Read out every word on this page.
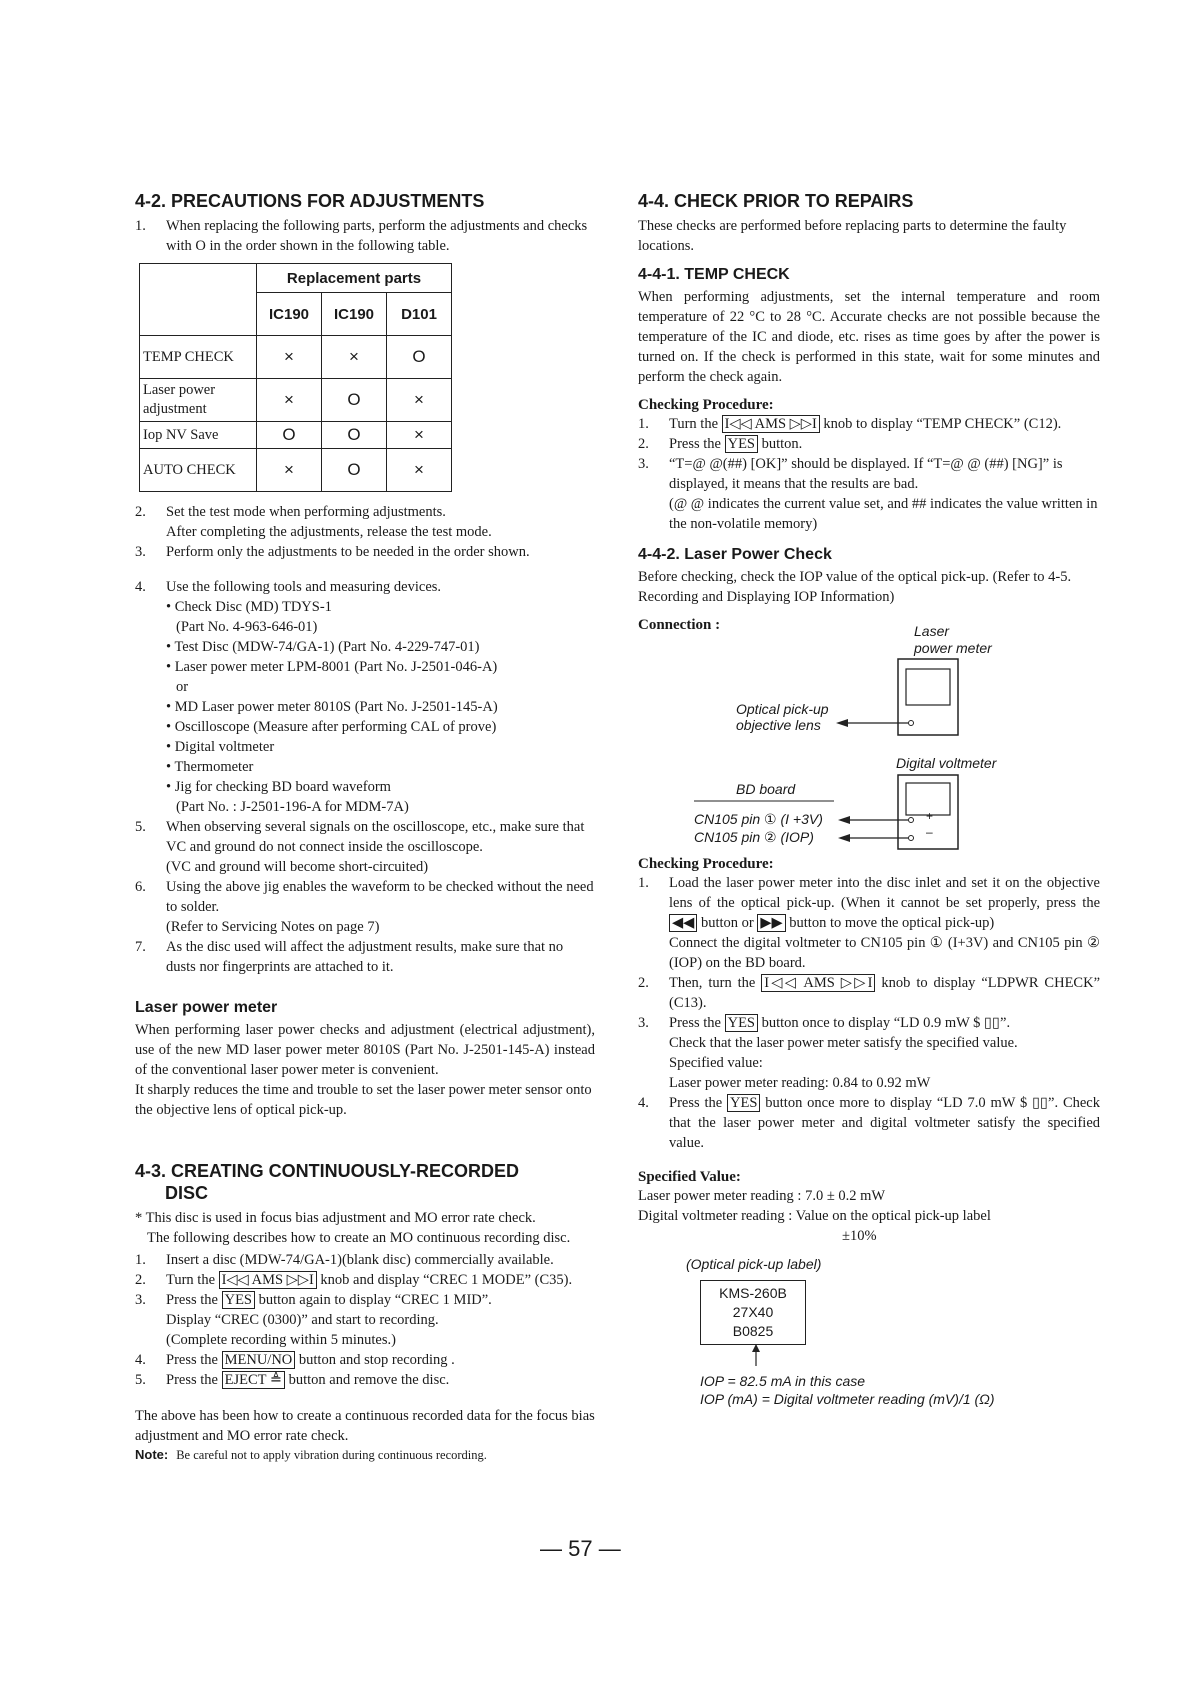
4-2. PRECAUTIONS FOR ADJUSTMENTS
1. When replacing the following parts, perform the adjustments and checks with O in the order shown in the following table.
	Replacement parts		
	IC190	IC190	D101
TEMP CHECK	×	×	O
Laser power adjustment	×	O	×
Iop NV Save	O	O	×
AUTO CHECK	×	O	×
2. Set the test mode when performing adjustments.
After completing the adjustments, release the test mode.
3. Perform only the adjustments to be needed in the order shown.
4. Use the following tools and measuring devices.
• Check Disc (MD) TDYS-1
(Part No. 4-963-646-01)
• Test Disc (MDW-74/GA-1) (Part No. 4-229-747-01)
• Laser power meter LPM-8001 (Part No. J-2501-046-A)
or
• MD Laser power meter 8010S (Part No. J-2501-145-A)
• Oscilloscope (Measure after performing CAL of prove)
• Digital voltmeter
• Thermometer
• Jig for checking BD board waveform
(Part No. : J-2501-196-A for MDM-7A)
5. When observing several signals on the oscilloscope, etc., make sure that VC and ground do not connect inside the oscilloscope.
(VC and ground will become short-circuited)
6. Using the above jig enables the waveform to be checked without the need to solder.
(Refer to Servicing Notes on page 7)
7. As the disc used will affect the adjustment results, make sure that no dusts nor fingerprints are attached to it.
Laser power meter

When performing laser power checks and adjustment (electrical adjustment), use of the new MD laser power meter 8010S (Part No. J-2501-145-A) instead of the conventional laser power meter is convenient.

It sharply reduces the time and trouble to set the laser power meter sensor onto the objective lens of optical pick-up.

4-3. CREATING CONTINUOUSLY-RECORDED
DISC

* This disc is used in focus bias adjustment and MO error rate check.

The following describes how to create an MO continuous recording disc.

1. Insert a disc (MDW-74/GA-1)(blank disc) commercially available.
2. Turn the I◁◁ AMS ▷▷I knob and display “CREC 1 MODE” (C35).
3. Press the YES button again to display “CREC 1 MID”.
Display “CREC (0300)” and start to recording.
(Complete recording within 5 minutes.)
4. Press the MENU/NO button and stop recording .
5. Press the EJECT ≜ button and remove the disc.

The above has been how to create a continuous recorded data for the focus bias adjustment and MO error rate check.

Note: Be careful not to apply vibration during continuous recording.
4-4. CHECK PRIOR TO REPAIRS

These checks are performed before replacing parts to determine the faulty locations.

4-4-1. TEMP CHECK

When performing adjustments, set the internal temperature and room temperature of 22 °C to 28 °C. Accurate checks are not possible because the temperature of the IC and diode, etc. rises as time goes by after the power is turned on. If the check is performed in this state, wait for some minutes and perform the check again.

Checking Procedure:
1. Turn the I◁◁ AMS ▷▷I knob to display “TEMP CHECK” (C12).
2. Press the YES button.
3. “T=@ @(##) [OK]” should be displayed. If “T=@ @ (##) [NG]” is displayed, it means that the results are bad.
(@ @ indicates the current value set, and ## indicates the value written in the non-volatile memory)
4-4-2. Laser Power Check

Before checking, check the IOP value of the optical pick-up. (Refer to 4-5. Recording and Displaying IOP Information)

Connection :	Laser
power meter
Optical pick-up
objective lens
Digital voltmeter
BD board
CN105 pin ① (I +3V)
CN105 pin ② (IOP)
+
–
Checking Procedure:
1. Load the laser power meter into the disc inlet and set it on the objective lens of the optical pick-up. (When it cannot be set properly, press the ◀◀ button or ▶▶ button to move the optical pick-up)
Connect the digital voltmeter to CN105 pin ① (I+3V) and CN105 pin ② (IOP) on the BD board.
2. Then, turn the I◁◁ AMS ▷▷I knob to display “LDPWR CHECK” (C13).
3. Press the YES button once to display “LD 0.9 mW $ ▯▯”.
Check that the laser power meter satisfy the specified value.
Specified value:
Laser power meter reading: 0.84 to 0.92 mW
4. Press the YES button once more to display “LD 7.0 mW $ ▯▯”. Check that the laser power meter and digital voltmeter satisfy the specified value.
Specified Value:

Laser power meter reading : 7.0 ± 0.2 mW

Digital voltmeter reading : Value on the optical pick-up label

±10%

(Optical pick-up label)
KMS-260B
27X40
B0825
IOP = 82.5 mA in this case
IOP (mA) = Digital voltmeter reading (mV)/1 (Ω)
— 57 —
